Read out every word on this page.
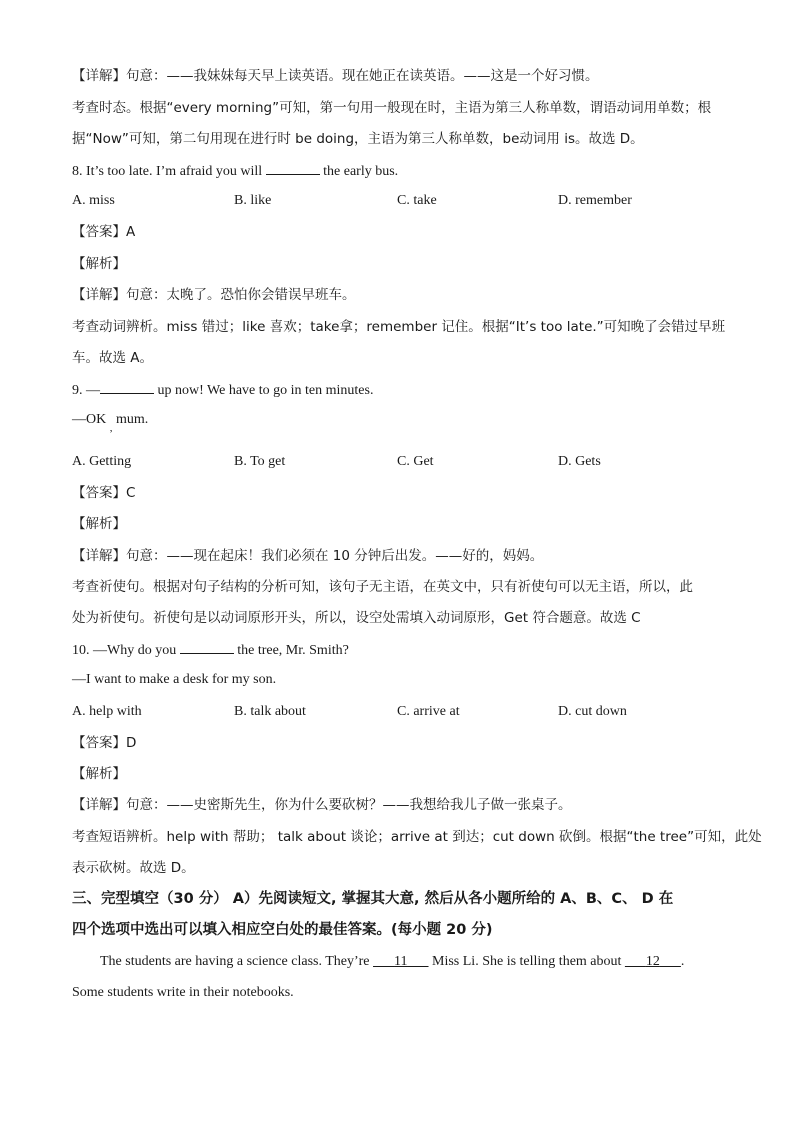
【详解】句意：——我妹妹每天早上读英语。现在她正在读英语。——这是一个好习惯。
考查时态。根据“every morning”可知，第一句用一般现在时，主语为第三人称单数，谓语动词用单数；根
据“Now”可知，第二句用现在进行时 be doing，主语为第三人称单数，be动词用 is。故选 D。
8. It’s too late. I’m afraid you will	the early bus.
A. miss	B. like	C. take	D. remember
【答案】A
【解析】
【详解】句意：太晚了。恐怕你会错误早班车。
考查动词辨析。miss 错过；like 喜欢；take拿；remember 记住。根据“It’s too late.”可知晚了会错过早班
车。故选 A。
9. —	up now! We have to go in ten minutes.
—OK $_,$ mum.
A. Getting	B. To get	C. Get	D. Gets
【答案】C
【解析】
【详解】句意：——现在起床！我们必须在 10 分钟后出发。——好的，妈妈。
考查祈使句。根据对句子结构的分析可知，该句子无主语，在英文中，只有祈使句可以无主语，所以，此
处为祈使句。祈使句是以动词原形开头，所以，设空处需填入动词原形，Get 符合题意。故选 C
10. —Why do you	the tree, Mr. Smith?
—I want to make a desk for my son.
A. help with	B. talk about	C. arrive at	D. cut down
【答案】D
【解析】
【详解】句意：——史密斯先生，你为什么要砍树？——我想给我儿子做一张桌子。
考查短语辨析。help with 帮助； talk about 谈论；arrive at 到达；cut down 砍倒。根据“the tree”可知，此处
表示砍树。故选 D。
三、完型填空（30 分） A）先阅读短文, 掌握其大意, 然后从各小题所给的 A、B、C、 D 在
四个选项中选出可以填入相应空白处的最佳答案。(每小题 20 分)
The students are having a science class. They’re 11 Miss Li. She is telling them about 12 .
Some students write in their notebooks.
